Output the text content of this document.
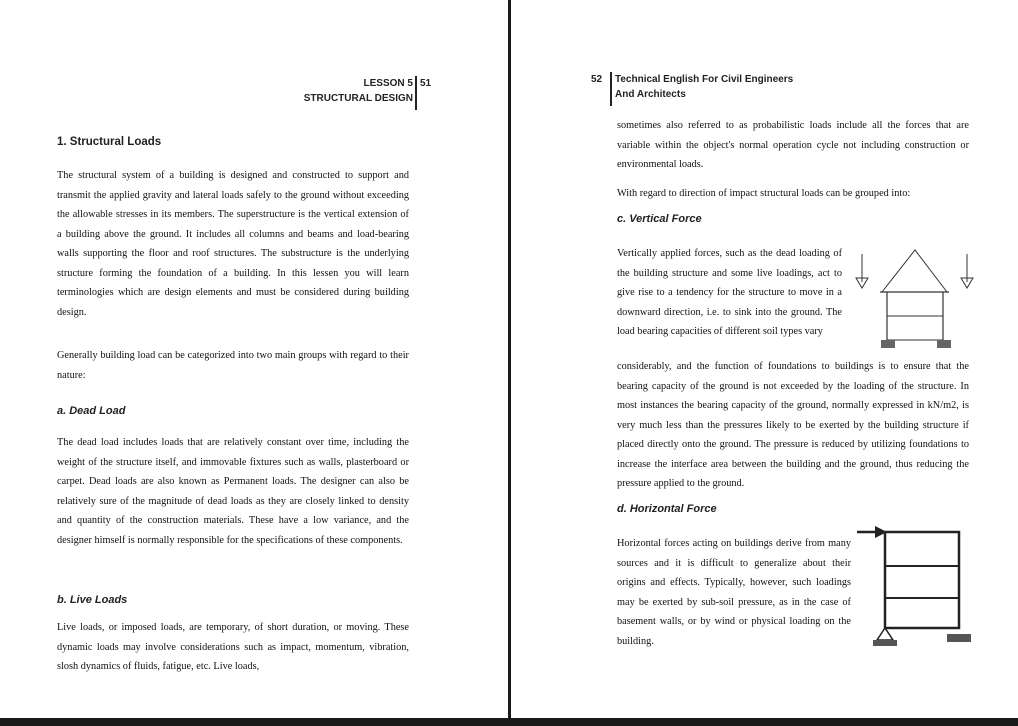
LESSON 5
STRUCTURAL DESIGN
51
1. Structural Loads
The structural system of a building is designed and constructed to support and transmit the applied gravity and lateral loads safely to the ground without exceeding the allowable stresses in its members. The superstructure is the vertical extension of a building above the ground. It includes all columns and beams and load-bearing walls supporting the floor and roof structures. The substructure is the underlying structure forming the foundation of a building. In this lessen you will learn terminologies which are design elements and must be considered during building design.
Generally building load can be categorized into two main groups with regard to their nature:
a. Dead Load
The dead load includes loads that are relatively constant over time, including the weight of the structure itself, and immovable fixtures such as walls, plasterboard or carpet. Dead loads are also known as Permanent loads. The designer can also be relatively sure of the magnitude of dead loads as they are closely linked to density and quantity of the construction materials. These have a low variance, and the designer himself is normally responsible for the specifications of these components.
b. Live Loads
Live loads, or imposed loads, are temporary, of short duration, or moving. These dynamic loads may involve considerations such as impact, momentum, vibration, slosh dynamics of fluids, fatigue, etc. Live loads,
52 Technical English For Civil Engineers And Architects
sometimes also referred to as probabilistic loads include all the forces that are variable within the object's normal operation cycle not including construction or environmental loads.
With regard to direction of impact structural loads can be grouped into:
c. Vertical Force
Vertically applied forces, such as the dead loading of the building structure and some live loadings, act to give rise to a tendency for the structure to move in a downward direction, i.e. to sink into the ground. The load bearing capacities of different soil types vary
considerably, and the function of foundations to buildings is to ensure that the bearing capacity of the ground is not exceeded by the loading of the structure. In most instances the bearing capacity of the ground, normally expressed in kN/m2, is very much less than the pressures likely to be exerted by the building structure if placed directly onto the ground. The pressure is reduced by utilizing foundations to increase the interface area between the building and the ground, thus reducing the pressure applied to the ground.
d. Horizontal Force
Horizontal forces acting on buildings derive from many sources and it is difficult to generalize about their origins and effects. Typically, however, such loadings may be exerted by sub-soil pressure, as in the case of basement walls, or by wind or physical loading on the building.
